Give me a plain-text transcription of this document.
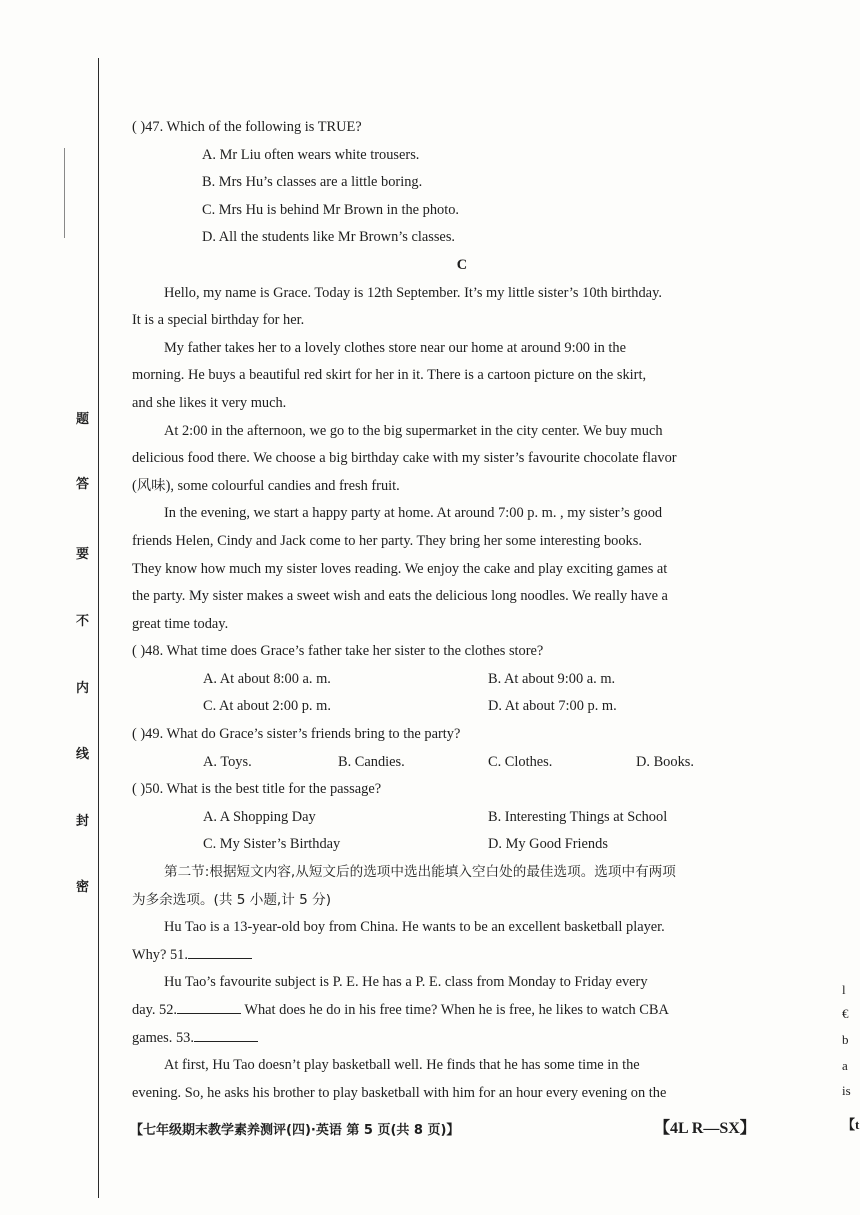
题
答
要
不
内
线
封
密
( )47. Which of the following is TRUE?
A. Mr Liu often wears white trousers.
B. Mrs Hu’s classes are a little boring.
C. Mrs Hu is behind Mr Brown in the photo.
D. All the students like Mr Brown’s classes.
C
Hello, my name is Grace. Today is 12th September. It’s my little sister’s 10th birthday.
It is a special birthday for her.
My father takes her to a lovely clothes store near our home at around 9:00 in the
morning. He buys a beautiful red skirt for her in it. There is a cartoon picture on the skirt,
and she likes it very much.
At 2:00 in the afternoon, we go to the big supermarket in the city center. We buy much
delicious food there. We choose a big birthday cake with my sister’s favourite chocolate flavor
(风味), some colourful candies and fresh fruit.
In the evening, we start a happy party at home. At around 7:00 p. m. , my sister’s good
friends Helen, Cindy and Jack come to her party. They bring her some interesting books.
They know how much my sister loves reading. We enjoy the cake and play exciting games at
the party. My sister makes a sweet wish and eats the delicious long noodles. We really have a
great time today.
( )48. What time does Grace’s father take her sister to the clothes store?
A. At about 8:00 a. m.	B. At about 9:00 a. m.
C. At about 2:00 p. m.	D. At about 7:00 p. m.
( )49. What do Grace’s sister’s friends bring to the party?
A. Toys.	B. Candies.	C. Clothes.	D. Books.
( )50. What is the best title for the passage?
A. A Shopping Day	B. Interesting Things at School
C. My Sister’s Birthday	D. My Good Friends
第二节:根据短文内容,从短文后的选项中选出能填入空白处的最佳选项。选项中有两项
为多余选项。(共 5 小题,计 5 分)
Hu Tao is a 13-year-old boy from China. He wants to be an excellent basketball player.
Why? 51.
Hu Tao’s favourite subject is P. E. He has a P. E. class from Monday to Friday every
day. 52.	What does he do in his free time? When he is free, he likes to watch CBA
games. 53.
At first, Hu Tao doesn’t play basketball well. He finds that he has some time in the
evening. So, he asks his brother to play basketball with him for an hour every evening on the
【七年级期末教学素养测评(四)·英语 第 5 页(共 8 页)】	【4L R—SX】
l
€
b
a
is
【t
